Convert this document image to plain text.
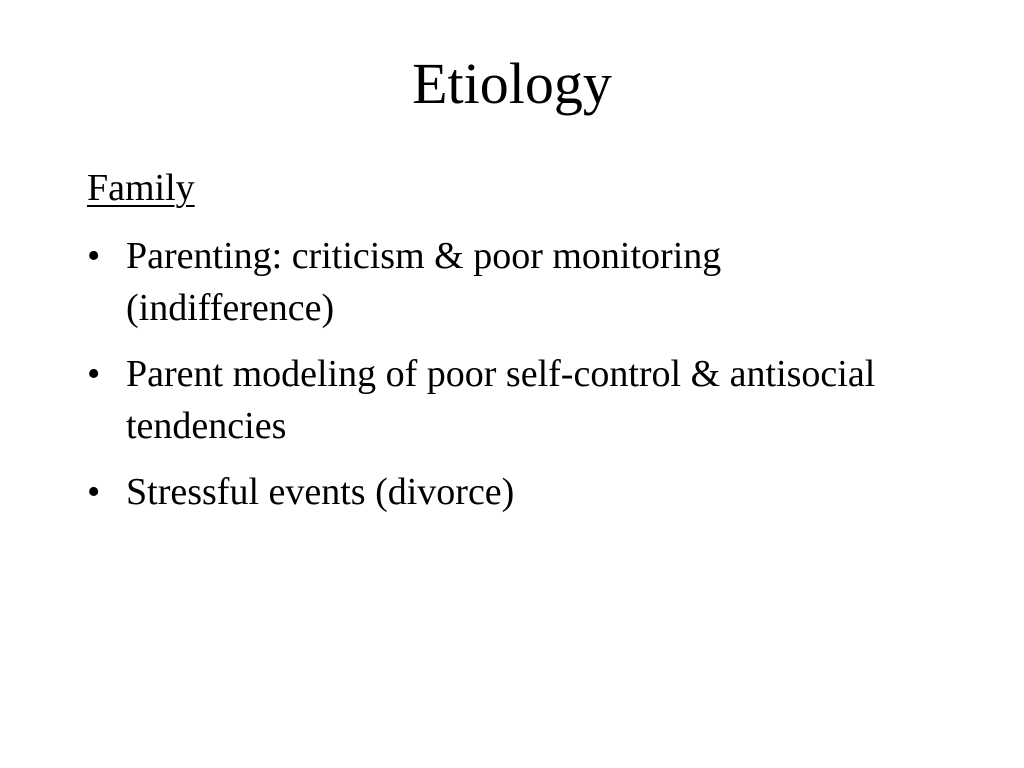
Etiology

Family

• Parenting: criticism & poor monitoring (indifference)
• Parent modeling of poor self-control & antisocial tendencies
• Stressful events (divorce)
